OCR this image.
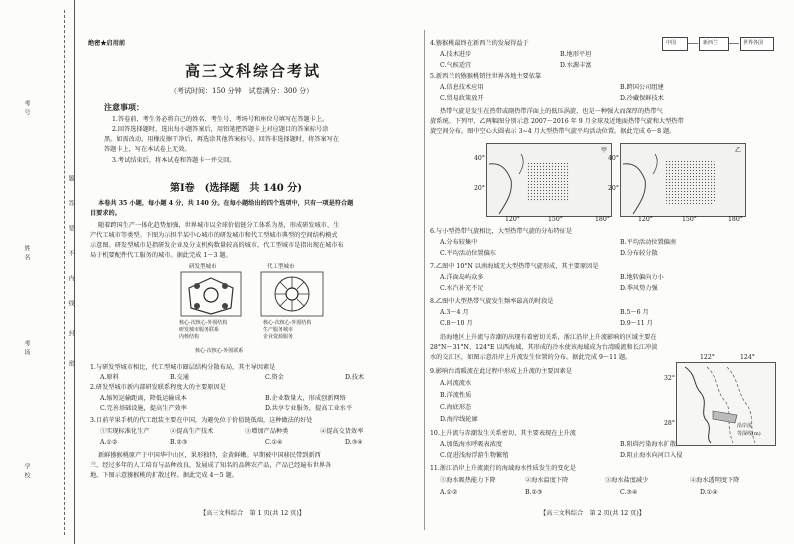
考号
姓名
考场
学校
密
封
线
内
不
要
答
题
绝密★启用前
高三文科综合考试
（考试时间：150 分钟　试卷满分：300 分）
注意事项：
1.答卷前，考生务必将自己的姓名、考生号、考场号和座位号填写在答题卡上。
2.回答选择题时，选出每小题答案后，用铅笔把答题卡上对应题目的答案标号涂
黑。如需改动，用橡皮擦干净后，再选涂其他答案标号。回答非选择题时，将答案写在
答题卡上，写在本试卷上无效。
3.考试结束后，将本试卷和答题卡一并交回。
第Ⅰ卷　(选择题　共 140 分)
本卷共 35 小题，每小题 4 分，共 140 分。在每小题给出的四个选项中，只有一项是符合题
目要求的。
随着跨国生产一体化趋势加强，世界城市以全球价值链分工体系为基，形成研发城市、生
产代工城市等类型。下图为示担半某中心城市的研发城市和代工型城市典型的空间结构模式
示意图。研发型城市是指研发企业及分支机构数量较高的城市，代工型城市是指出现在城市布
局于机要配件代工服务的城市。据此完成 1～3 题。
研发型城市	代工型城市
核心-次核心-外围结构
研发城市服务联系
内核结构
核心-次核心-外围结构
生产服务城市
企业资源服务
核心-次核心-外围联系
1.与研发型城市相比，代工型城市圈层结构分散布局，其主导因素是
A.原料	B.交通	C.资金	D.技术
2.研发型城市新内部研发联系程度大的主要原因是
A.缩短运输距离，降低运输成本	B.企业数量大，形成创新网络
C.完善基础设施，提高生产效率	D.共享专业服务，提高工业水平
3.目前苹果手机的代工组装主要在中国，为避免位于价值链低端，这种做法的好处
①实现标准化生产	②提高生产技术	③增加产品种类	④提高交货效率
A.①②	B.②③	C.①④	D.③④
新鲜猕猴桃原产于中国华中山区，果形独特，金黄鲜嫩。早期被中国移民带到新西
兰，经过多年的人工培育与品种改良，发展成了知名的品牌农产品，产品已经遍布世界各
地。下图示意猕猴桃的扩散过程。据此完成 4～5 题。
【高三文科综合　第 1 页(共 12 页)】
4.猕猴桃最终在新西兰的发展得益于
A.技术进步	B.地形平坦
C.气候适宜	D.水源丰富
中国	新西兰	世界各国
5.新西兰的猕猴桃销往世界各地主要依靠
A.信息技术应用	B.跨国公司组建
C.贸易政策放开	D.冷藏保鲜技术
热带气旋是发生在热带或副热带洋面上的低压涡旋，也是一种强大而深厚的热带气
旋系统。下列甲、乙两幅图分别示意 2007～2016 年 9 月全球及近地面热带气旋和大型热带
旋空间分布。图中空心大圆表示 3~4 月大型热带气旋平均活动位置。据此完成 6～8 题。
甲
40°
20°
120°	150°	180°
乙
40°
20°
120°	150°	180°
6.与小型热带气旋相比，大型热带气旋的分布特征是
A.分布较集中	B.平均活动位置偏南
C.平均活动位置偏东	D.分布较分散
7.乙图中 10°N 以南海域无大型热带气旋形成，其主要原因是
A.洋面岛屿众多	B.地转偏向力小
C.水汽补充不足	D.季风势力强
8.乙图中大型热带气旋发生频率最高的时段是
A.3～4 月	B.5～6 月
C.8～10 月	D.9～11 月
沿海地区上升流与赤潮的出现有着密切关系，浙江沿岸上升流影响的区域主要在
28°N～31°N、124°E 以西海域，其形成的冷水使该海域成为台湾暖流和长江冲淡
水的交汇区，如图示意沿岸上升流发生位置的分布。据此完成 9～11 题。
沿岸流
等深线(m)
122°	124°
32°
28°
9.影响台湾暖流在此过程中形成上升流的主要因素是
A.河流流水
B.洋流性质
C.海底形态
D.海岸线轮廓
10.上升流与赤潮发生关系密切，其主要表现在上升流
A.加低海水呼吸表浓度	B.阻碍污染海水扩散
C.促进浅海浮游生物繁殖	D.阻止海水向河口入侵
11.浙江沿岸上升流流行的海域海水性质发生的变化是
①海水吸热能力下降	②海水温度下降	③海水盐度减少	④海水透明度下降
A.①②	B.②③	C.③④	D.①④
【高三文科综合　第 2 页(共 12 页)】
